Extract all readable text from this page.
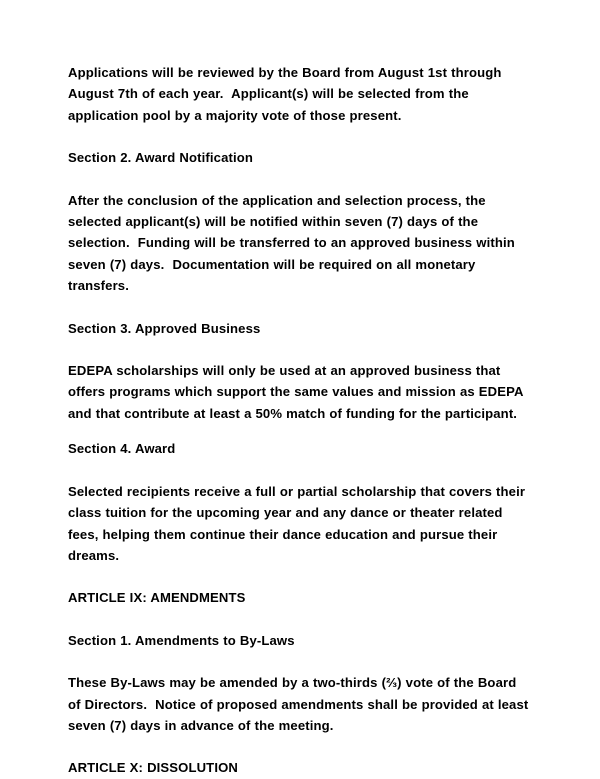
Applications will be reviewed by the Board from August 1st through August 7th of each year.  Applicant(s) will be selected from the application pool by a majority vote of those present.

Section 2. Award Notification

After the conclusion of the application and selection process, the selected applicant(s) will be notified within seven (7) days of the selection.  Funding will be transferred to an approved business within seven (7) days.  Documentation will be required on all monetary transfers.

Section 3. Approved Business

EDEPA scholarships will only be used at an approved business that offers programs which support the same values and mission as EDEPA and that contribute at least a 50% match of funding for the participant.

Section 4. Award

Selected recipients receive a full or partial scholarship that covers their class tuition for the upcoming year and any dance or theater related fees, helping them continue their dance education and pursue their dreams.

ARTICLE IX: AMENDMENTS

Section 1. Amendments to By-Laws

These By-Laws may be amended by a two-thirds (⅔) vote of the Board of Directors.  Notice of proposed amendments shall be provided at least seven (7) days in advance of the meeting.

ARTICLE X: DISSOLUTION
